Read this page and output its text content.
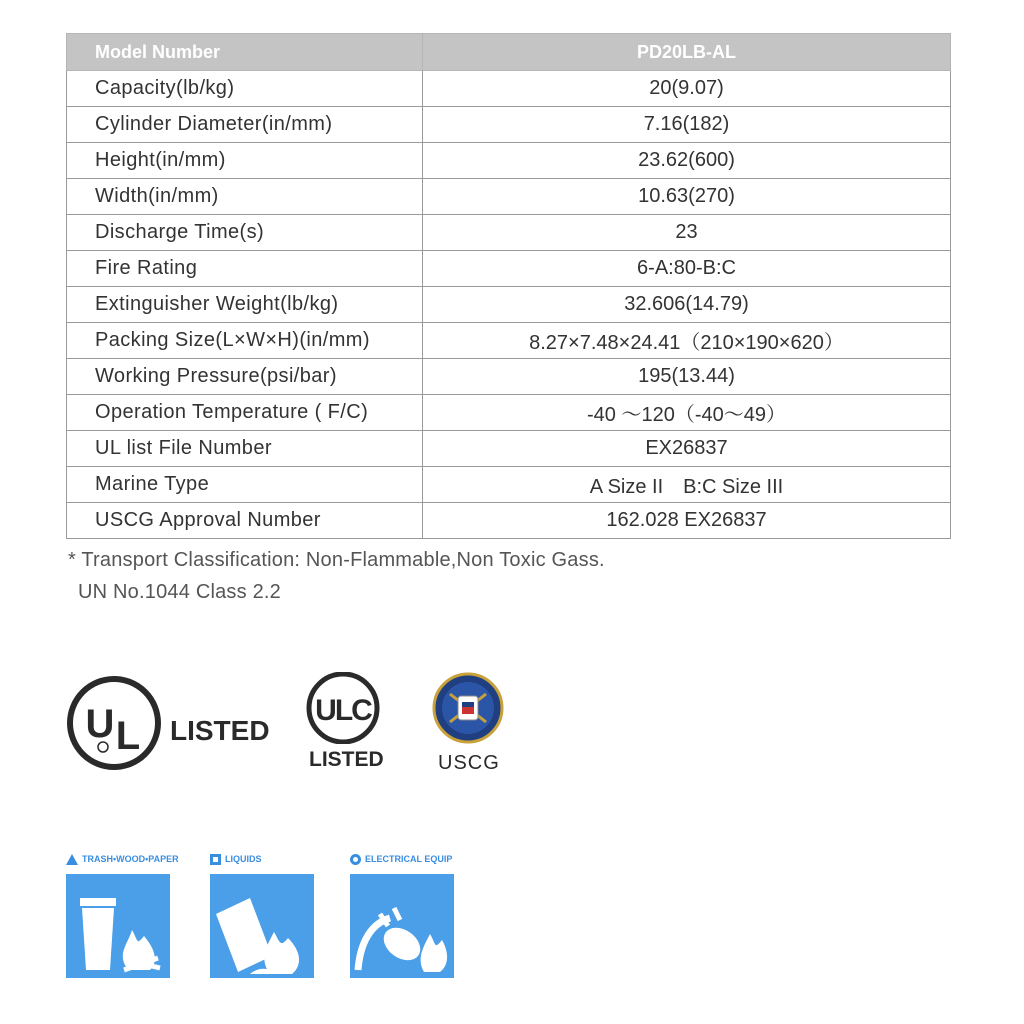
Model Number	PD20LB-AL
Capacity(lb/kg)	20(9.07)
Cylinder Diameter(in/mm)	7.16(182)
Height(in/mm)	23.62(600)
Width(in/mm)	10.63(270)
Discharge Time(s)	23
Fire Rating	6-A:80-B:C
Extinguisher Weight(lb/kg)	32.606(14.79)
Packing Size(L×W×H)(in/mm)	8.27×7.48×24.41（210×190×620）
Working Pressure(psi/bar)	195(13.44)
Operation Temperature ( F/C)	-40 ～120（-40～49）
UL list File Number	EX26837
Marine Type	A Size II　B:C Size III
USCG Approval Number	162.028 EX26837
* Transport Classification: Non-Flammable,Non Toxic Gass.
UN No.1044 Class 2.2
U L LISTED
ULC
LISTED	USCG
TRASH•WOOD•PAPER	LIQUIDS	ELECTRICAL EQUIP
